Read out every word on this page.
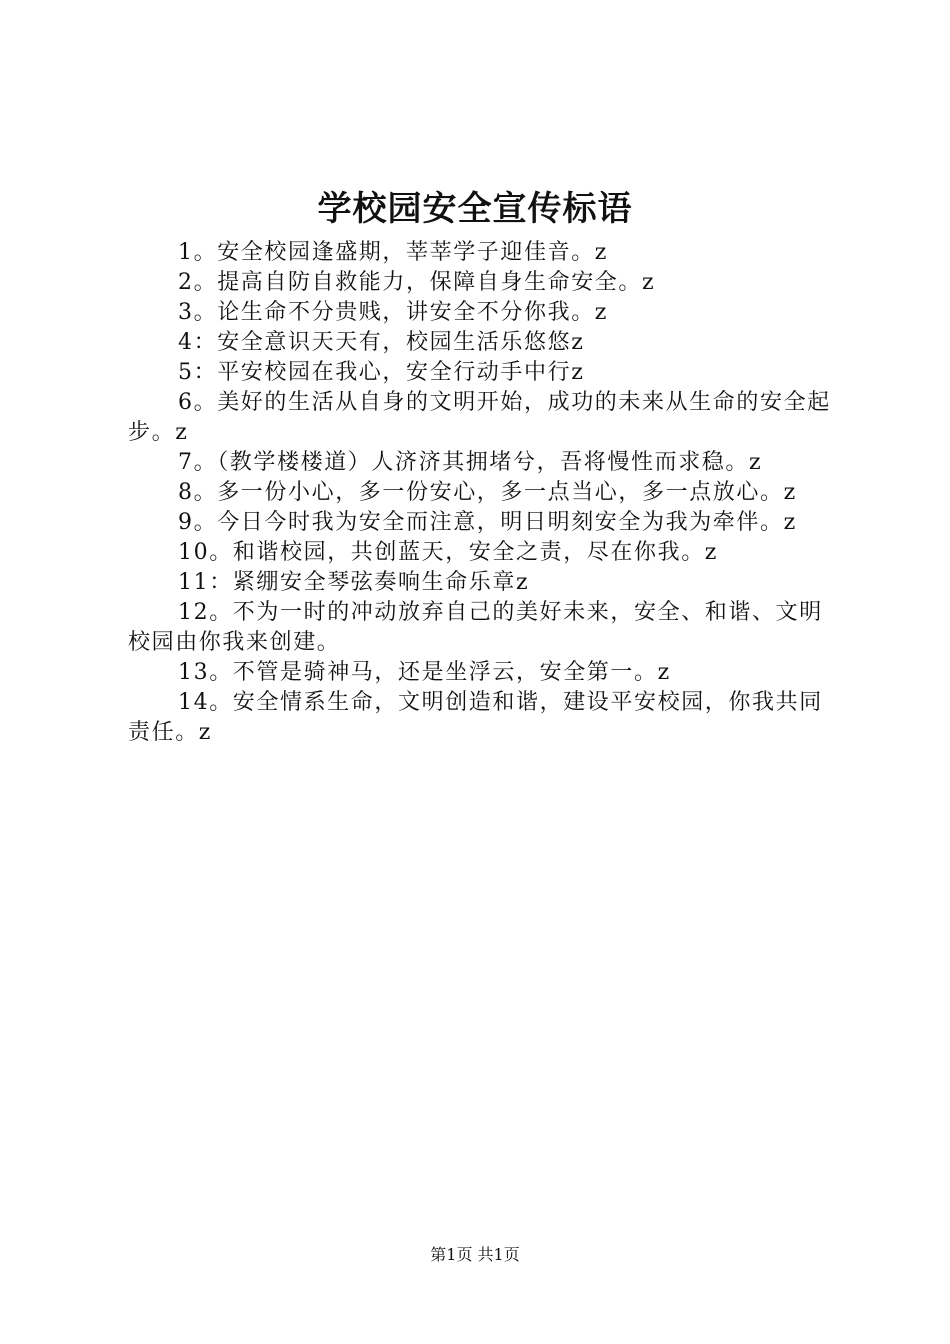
学校园安全宣传标语

1。安全校园逢盛期，莘莘学子迎佳音。z

2。提高自防自救能力，保障自身生命安全。z

3。论生命不分贵贱，讲安全不分你我。z

4：安全意识天天有，校园生活乐悠悠z

5：平安校园在我心，安全行动手中行z

6。美好的生活从自身的文明开始，成功的未来从生命的安全起步。z

7。（教学楼楼道）人济济其拥堵兮，吾将慢性而求稳。z

8。多一份小心，多一份安心，多一点当心，多一点放心。z

9。今日今时我为安全而注意，明日明刻安全为我为牵伴。z

10。和谐校园，共创蓝天，安全之责，尽在你我。z

11：紧绷安全琴弦奏响生命乐章z

12。不为一时的冲动放弃自己的美好未来，安全、和谐、文明校园由你我来创建。

13。不管是骑神马，还是坐浮云，安全第一。z

14。安全情系生命，文明创造和谐，建设平安校园，你我共同责任。z

第1页 共1页
